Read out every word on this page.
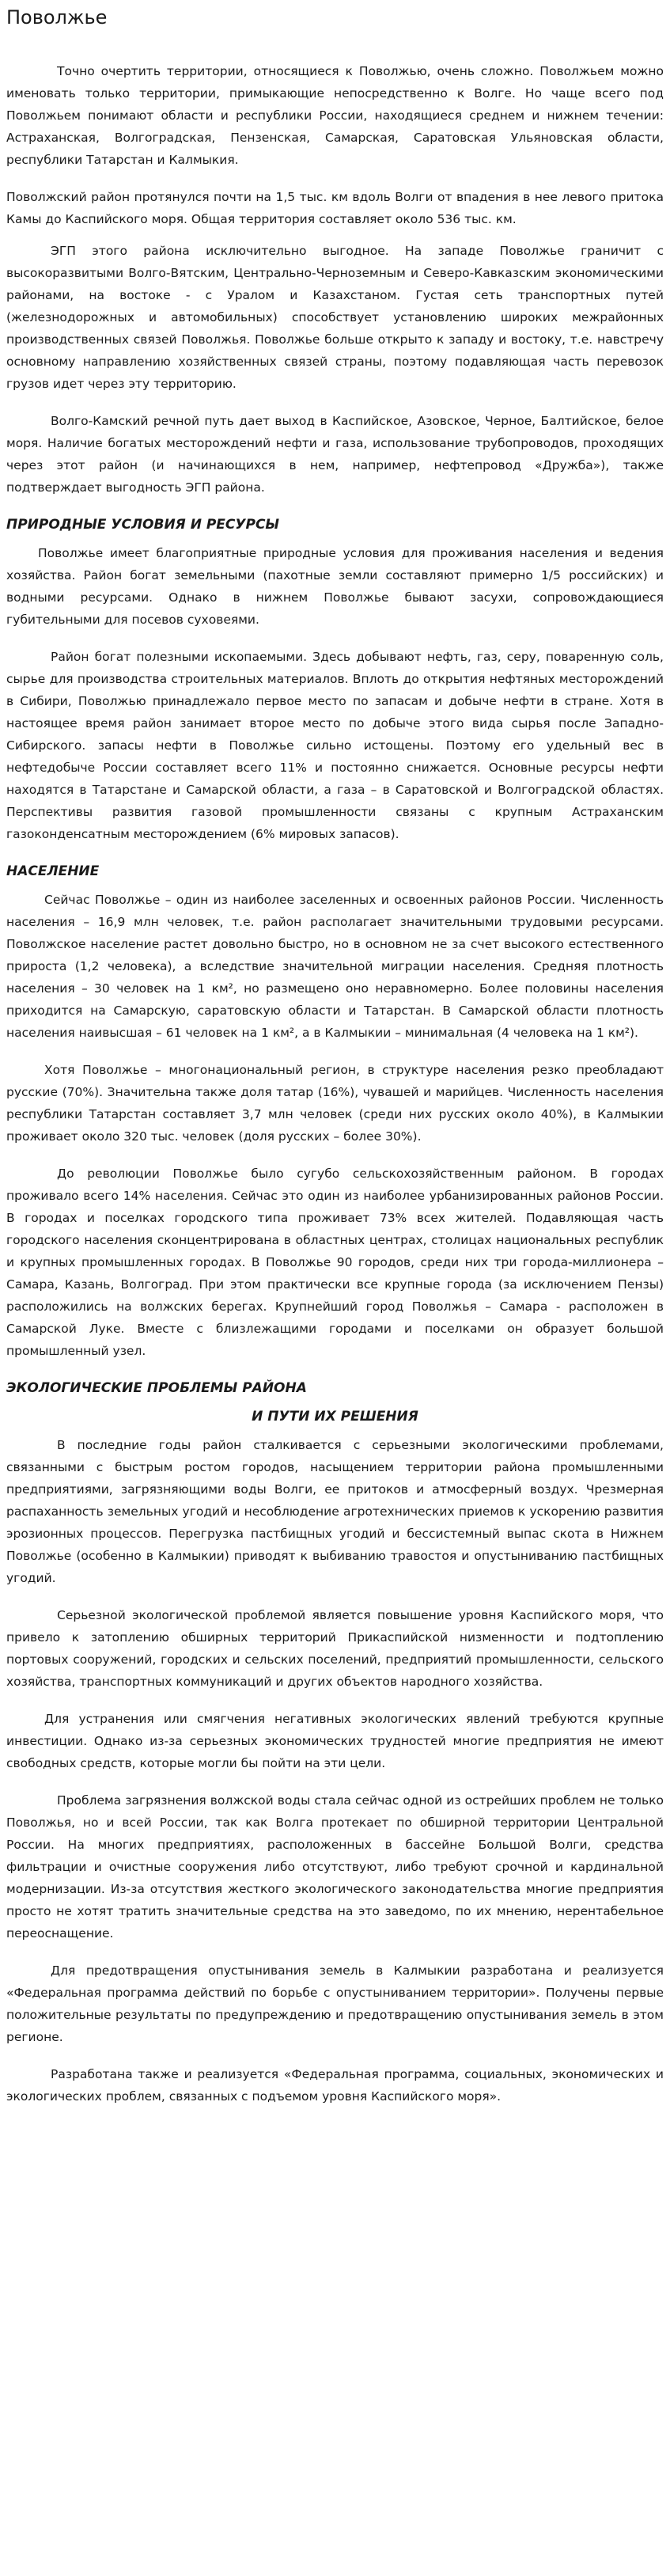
Поволжье

Точно очертить территории, относящиеся к Поволжью, очень сложно. Поволжьем можно именовать только территории, примыкающие непосредственно к Волге. Но чаще всего под Поволжьем понимают области и республики России, находящиеся среднем и нижнем течении: Астраханская, Волгоградская, Пензенская, Самарская, Саратовская Ульяновская области, республики Татарстан и Калмыкия.

Поволжский район протянулся почти на 1,5 тыс. км вдоль Волги от впадения в нее левого притока Камы до Каспийского моря. Общая территория составляет около 536 тыс. км.

ЭГП этого района исключительно выгодное. На западе Поволжье граничит с высокоразвитыми Волго-Вятским, Центрально-Черноземным и Северо-Кавказским экономическими районами, на востоке - с Уралом и Казахстаном. Густая сеть транспортных путей (железнодорожных и автомобильных) способствует установлению широких межрайонных производственных связей Поволжья. Поволжье больше открыто к западу и востоку, т.е. навстречу основному направлению хозяйственных связей страны, поэтому подавляющая часть перевозок грузов идет через эту территорию.

Волго-Камский речной путь дает выход в Каспийское, Азовское, Черное, Балтийское, белое моря. Наличие богатых месторождений нефти и газа, использование трубопроводов, проходящих через этот район (и начинающихся в нем, например, нефтепровод «Дружба»), также подтверждает выгодность ЭГП района.

ПРИРОДНЫЕ УСЛОВИЯ И РЕСУРСЫ

Поволжье имеет благоприятные природные условия для проживания населения и ведения хозяйства. Район богат земельными (пахотные земли составляют примерно 1/5 российских) и водными ресурсами. Однако в нижнем Поволжье бывают засухи, сопровождающиеся губительными для посевов суховеями.

Район богат полезными ископаемыми. Здесь добывают нефть, газ, серу, поваренную соль, сырье для производства строительных материалов. Вплоть до открытия нефтяных месторождений в Сибири, Поволжью принадлежало первое место по запасам и добыче нефти в стране. Хотя в настоящее время район занимает второе место по добыче этого вида сырья после Западно-Сибирского. запасы нефти в Поволжье сильно истощены. Поэтому его удельный вес в нефтедобыче России составляет всего 11% и постоянно снижается. Основные ресурсы нефти находятся в Татарстане и Самарской области, а газа – в Саратовской и Волгоградской областях. Перспективы развития газовой промышленности связаны с крупным Астраханским газоконденсатным месторождением (6% мировых запасов).

НАСЕЛЕНИЕ

Сейчас Поволжье – один из наиболее заселенных и освоенных районов России. Численность населения – 16,9 млн человек, т.е. район располагает значительными трудовыми ресурсами. Поволжское население растет довольно быстро, но в основном не за счет высокого естественного прироста (1,2 человека), а вследствие значительной миграции населения. Средняя плотность населения – 30 человек на 1 км², но размещено оно неравномерно. Более половины населения приходится на Самарскую, саратовскую области и Татарстан. В Самарской области плотность населения наивысшая – 61 человек на 1 км², а в Калмыкии – минимальная (4 человека на 1 км²).

Хотя Поволжье – многонациональный регион, в структуре населения резко преобладают русские (70%). Значительна также доля татар (16%), чувашей и марийцев. Численность населения республики Татарстан составляет 3,7 млн человек (среди них русских около 40%), в Калмыкии проживает около 320 тыс. человек (доля русских – более 30%).

До революции Поволжье было сугубо сельскохозяйственным районом. В городах проживало всего 14% населения. Сейчас это один из наиболее урбанизированных районов России. В городах и поселках городского типа проживает 73% всех жителей. Подавляющая часть городского населения сконцентрирована в областных центрах, столицах национальных республик и крупных промышленных городах. В Поволжье 90 городов, среди них три города-миллионера – Самара, Казань, Волгоград. При этом практически все крупные города (за исключением Пензы) расположились на волжских берегах. Крупнейший город Поволжья – Самара - расположен в Самарской Луке. Вместе с близлежащими городами и поселками он образует большой промышленный узел.

ЭКОЛОГИЧЕСКИЕ ПРОБЛЕМЫ РАЙОНА
И ПУТИ ИХ РЕШЕНИЯ

В последние годы район сталкивается с серьезными экологическими проблемами, связанными с быстрым ростом городов, насыщением территории района промышленными предприятиями, загрязняющими воды Волги, ее притоков и атмосферный воздух. Чрезмерная распаханность земельных угодий и несоблюдение агротехнических приемов к ускорению развития эрозионных процессов. Перегрузка пастбищных угодий и бессистемный выпас скота в Нижнем Поволжье (особенно в Калмыкии) приводят к выбиванию травостоя и опустыниванию пастбищных угодий.

Серьезной экологической проблемой является повышение уровня Каспийского моря, что привело к затоплению обширных территорий Прикаспийской низменности и подтоплению портовых сооружений, городских и сельских поселений, предприятий промышленности, сельского хозяйства, транспортных коммуникаций и других объектов народного хозяйства.

Для устранения или смягчения негативных экологических явлений требуются крупные инвестиции. Однако из-за серьезных экономических трудностей многие предприятия не имеют свободных средств, которые могли бы пойти на эти цели.

Проблема загрязнения волжской воды стала сейчас одной из острейших проблем не только Поволжья, но и всей России, так как Волга протекает по обширной территории Центральной России. На многих предприятиях, расположенных в бассейне Большой Волги, средства фильтрации и очистные сооружения либо отсутствуют, либо требуют срочной и кардинальной модернизации. Из-за отсутствия жесткого экологического законодательства многие предприятия просто не хотят тратить значительные средства на это заведомо, по их мнению, нерентабельное переоснащение.

Для предотвращения опустынивания земель в Калмыкии разработана и реализуется «Федеральная программа действий по борьбе с опустыниванием территории». Получены первые положительные результаты по предупреждению и предотвращению опустынивания земель в этом регионе.

Разработана также и реализуется «Федеральная программа, социальных, экономических и экологических проблем, связанных с подъемом уровня Каспийского моря».
